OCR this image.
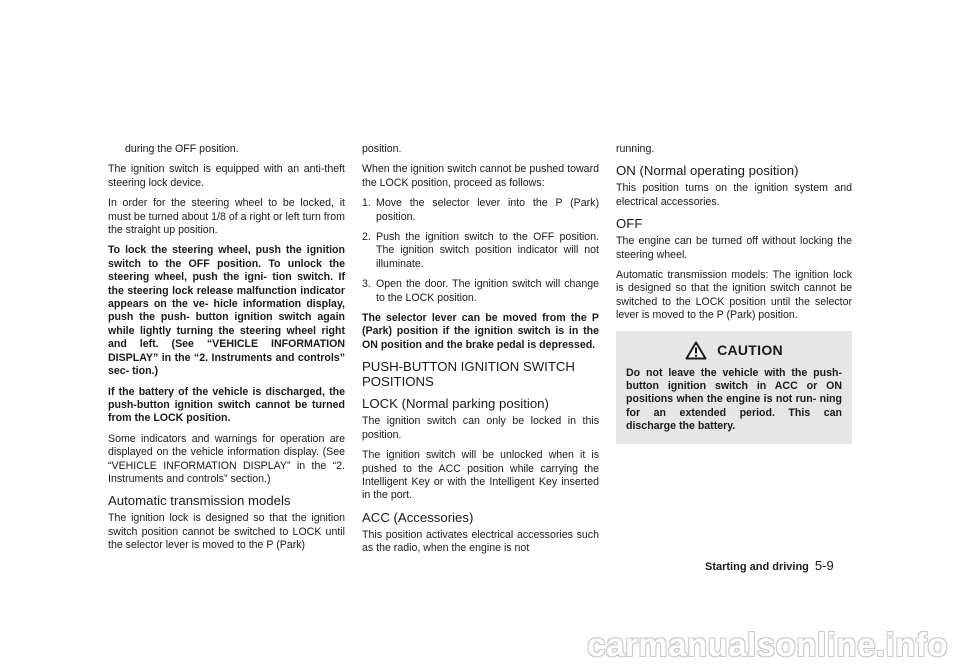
during the OFF position.

The ignition switch is equipped with an anti-theft steering lock device.

In order for the steering wheel to be locked, it must be turned about 1/8 of a right or left turn from the straight up position.

To lock the steering wheel, push the ignition switch to the OFF position. To unlock the steering wheel, push the igni- tion switch. If the steering lock release malfunction indicator appears on the ve- hicle information display, push the push- button ignition switch again while lightly turning the steering wheel right and left. (See “VEHICLE INFORMATION DISPLAY” in the “2. Instruments and controls” sec- tion.)

If the battery of the vehicle is discharged, the push-button ignition switch cannot be turned from the LOCK position.

Some indicators and warnings for operation are displayed on the vehicle information display. (See “VEHICLE INFORMATION DISPLAY” in the “2. Instruments and controls” section.)

Automatic transmission models

The ignition lock is designed so that the ignition switch position cannot be switched to LOCK until the selector lever is moved to the P (Park)

position.

When the ignition switch cannot be pushed toward the LOCK position, proceed as follows:

1. Move the selector lever into the P (Park) position.
2. Push the ignition switch to the OFF position. The ignition switch position indicator will not illuminate.
3. Open the door. The ignition switch will change to the LOCK position.

The selector lever can be moved from the P (Park) position if the ignition switch is in the ON position and the brake pedal is depressed.

PUSH-BUTTON IGNITION SWITCH POSITIONS
LOCK (Normal parking position)

The ignition switch can only be locked in this position.

The ignition switch will be unlocked when it is pushed to the ACC position while carrying the Intelligent Key or with the Intelligent Key inserted in the port.

ACC (Accessories)

This position activates electrical accessories such as the radio, when the engine is not

running.

ON (Normal operating position)

This position turns on the ignition system and electrical accessories.

OFF

The engine can be turned off without locking the steering wheel.

Automatic transmission models: The ignition lock is designed so that the ignition switch cannot be switched to the LOCK position until the selector lever is moved to the P (Park) position.

CAUTION

Do not leave the vehicle with the push- button ignition switch in ACC or ON positions when the engine is not run- ning for an extended period. This can discharge the battery.

Starting and driving 5-9
carmanualsonline.info
